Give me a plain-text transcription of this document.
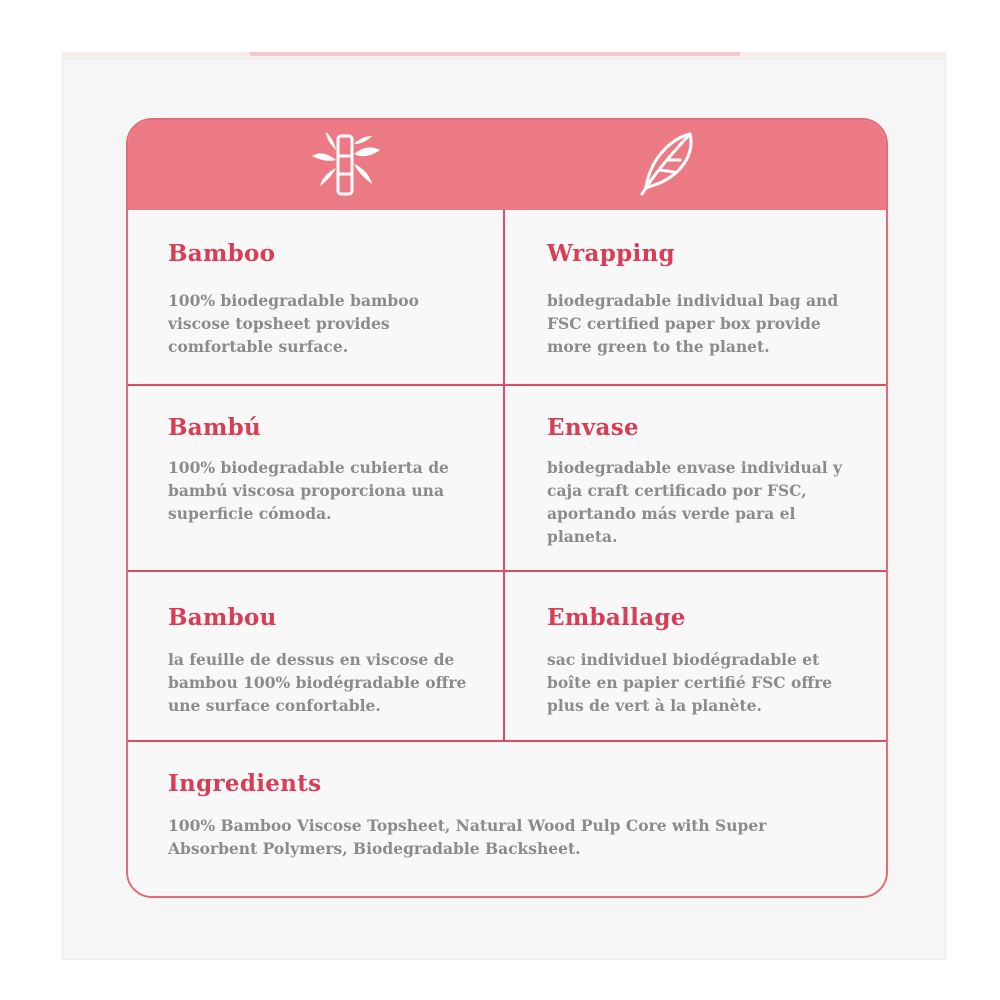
Bamboo
100% biodegradable bamboo
viscose topsheet provides
comfortable surface.
Wrapping
biodegradable individual bag and
FSC certified paper box provide
more green to the planet.
Bambú
100% biodegradable cubierta de
bambú viscosa proporciona una
superficie cómoda.
Envase
biodegradable envase individual y
caja craft certificado por FSC,
aportando más verde para el
planeta.
Bambou
la feuille de dessus en viscose de
bambou 100% biodégradable offre
une surface confortable.
Emballage
sac individuel biodégradable et
boîte en papier certifié FSC offre
plus de vert à la planète.
Ingredients
100% Bamboo Viscose Topsheet, Natural Wood Pulp Core with Super
Absorbent Polymers, Biodegradable Backsheet.
